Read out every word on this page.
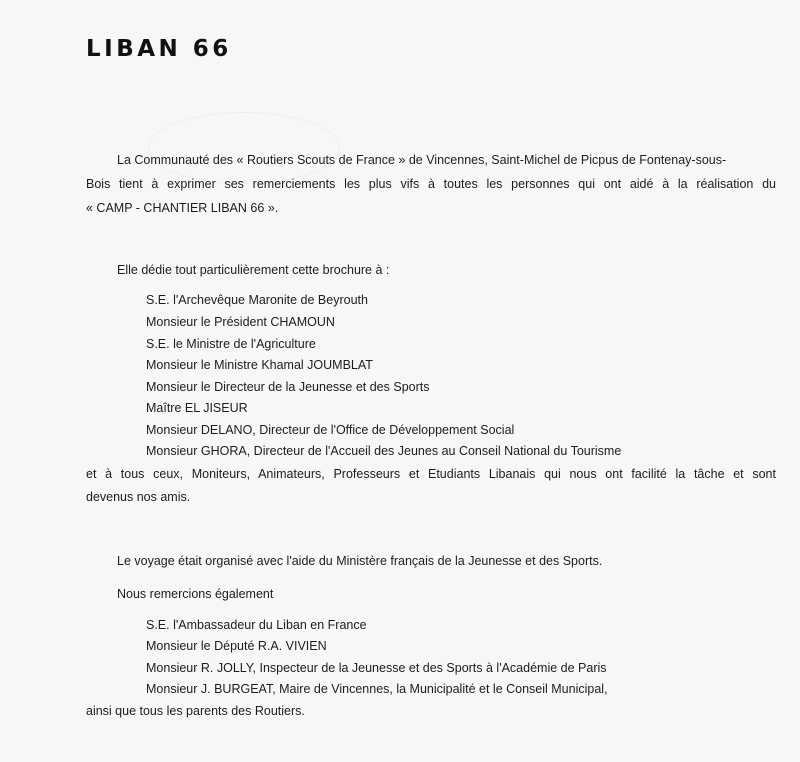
LIBAN 66
La Communauté des « Routiers Scouts de France » de Vincennes, Saint-Michel de Picpus de Fontenay-sous-
Bois tient à exprimer ses remerciements les plus vifs à toutes les personnes qui ont aidé à la réalisation du
« CAMP - CHANTIER LIBAN 66 ».
Elle dédie tout particulièrement cette brochure à :
S.E. l'Archevêque Maronite de Beyrouth
Monsieur le Président CHAMOUN
S.E. le Ministre de l'Agriculture
Monsieur le Ministre Khamal JOUMBLAT
Monsieur le Directeur de la Jeunesse et des Sports
Maître EL JISEUR
Monsieur DELANO, Directeur de l'Office de Développement Social
Monsieur GHORA, Directeur de l'Accueil des Jeunes au Conseil National du Tourisme
et à tous ceux, Moniteurs, Animateurs, Professeurs et Etudiants Libanais qui nous ont facilité la tâche et sont
devenus nos amis.
Le voyage était organisé avec l'aide du Ministère français de la Jeunesse et des Sports.
Nous remercions également
S.E. l'Ambassadeur du Liban en France
Monsieur le Député R.A. VIVIEN
Monsieur R. JOLLY, Inspecteur de la Jeunesse et des Sports à l'Académie de Paris
Monsieur J. BURGEAT, Maire de Vincennes, la Municipalité et le Conseil Municipal,
ainsi que tous les parents des Routiers.
